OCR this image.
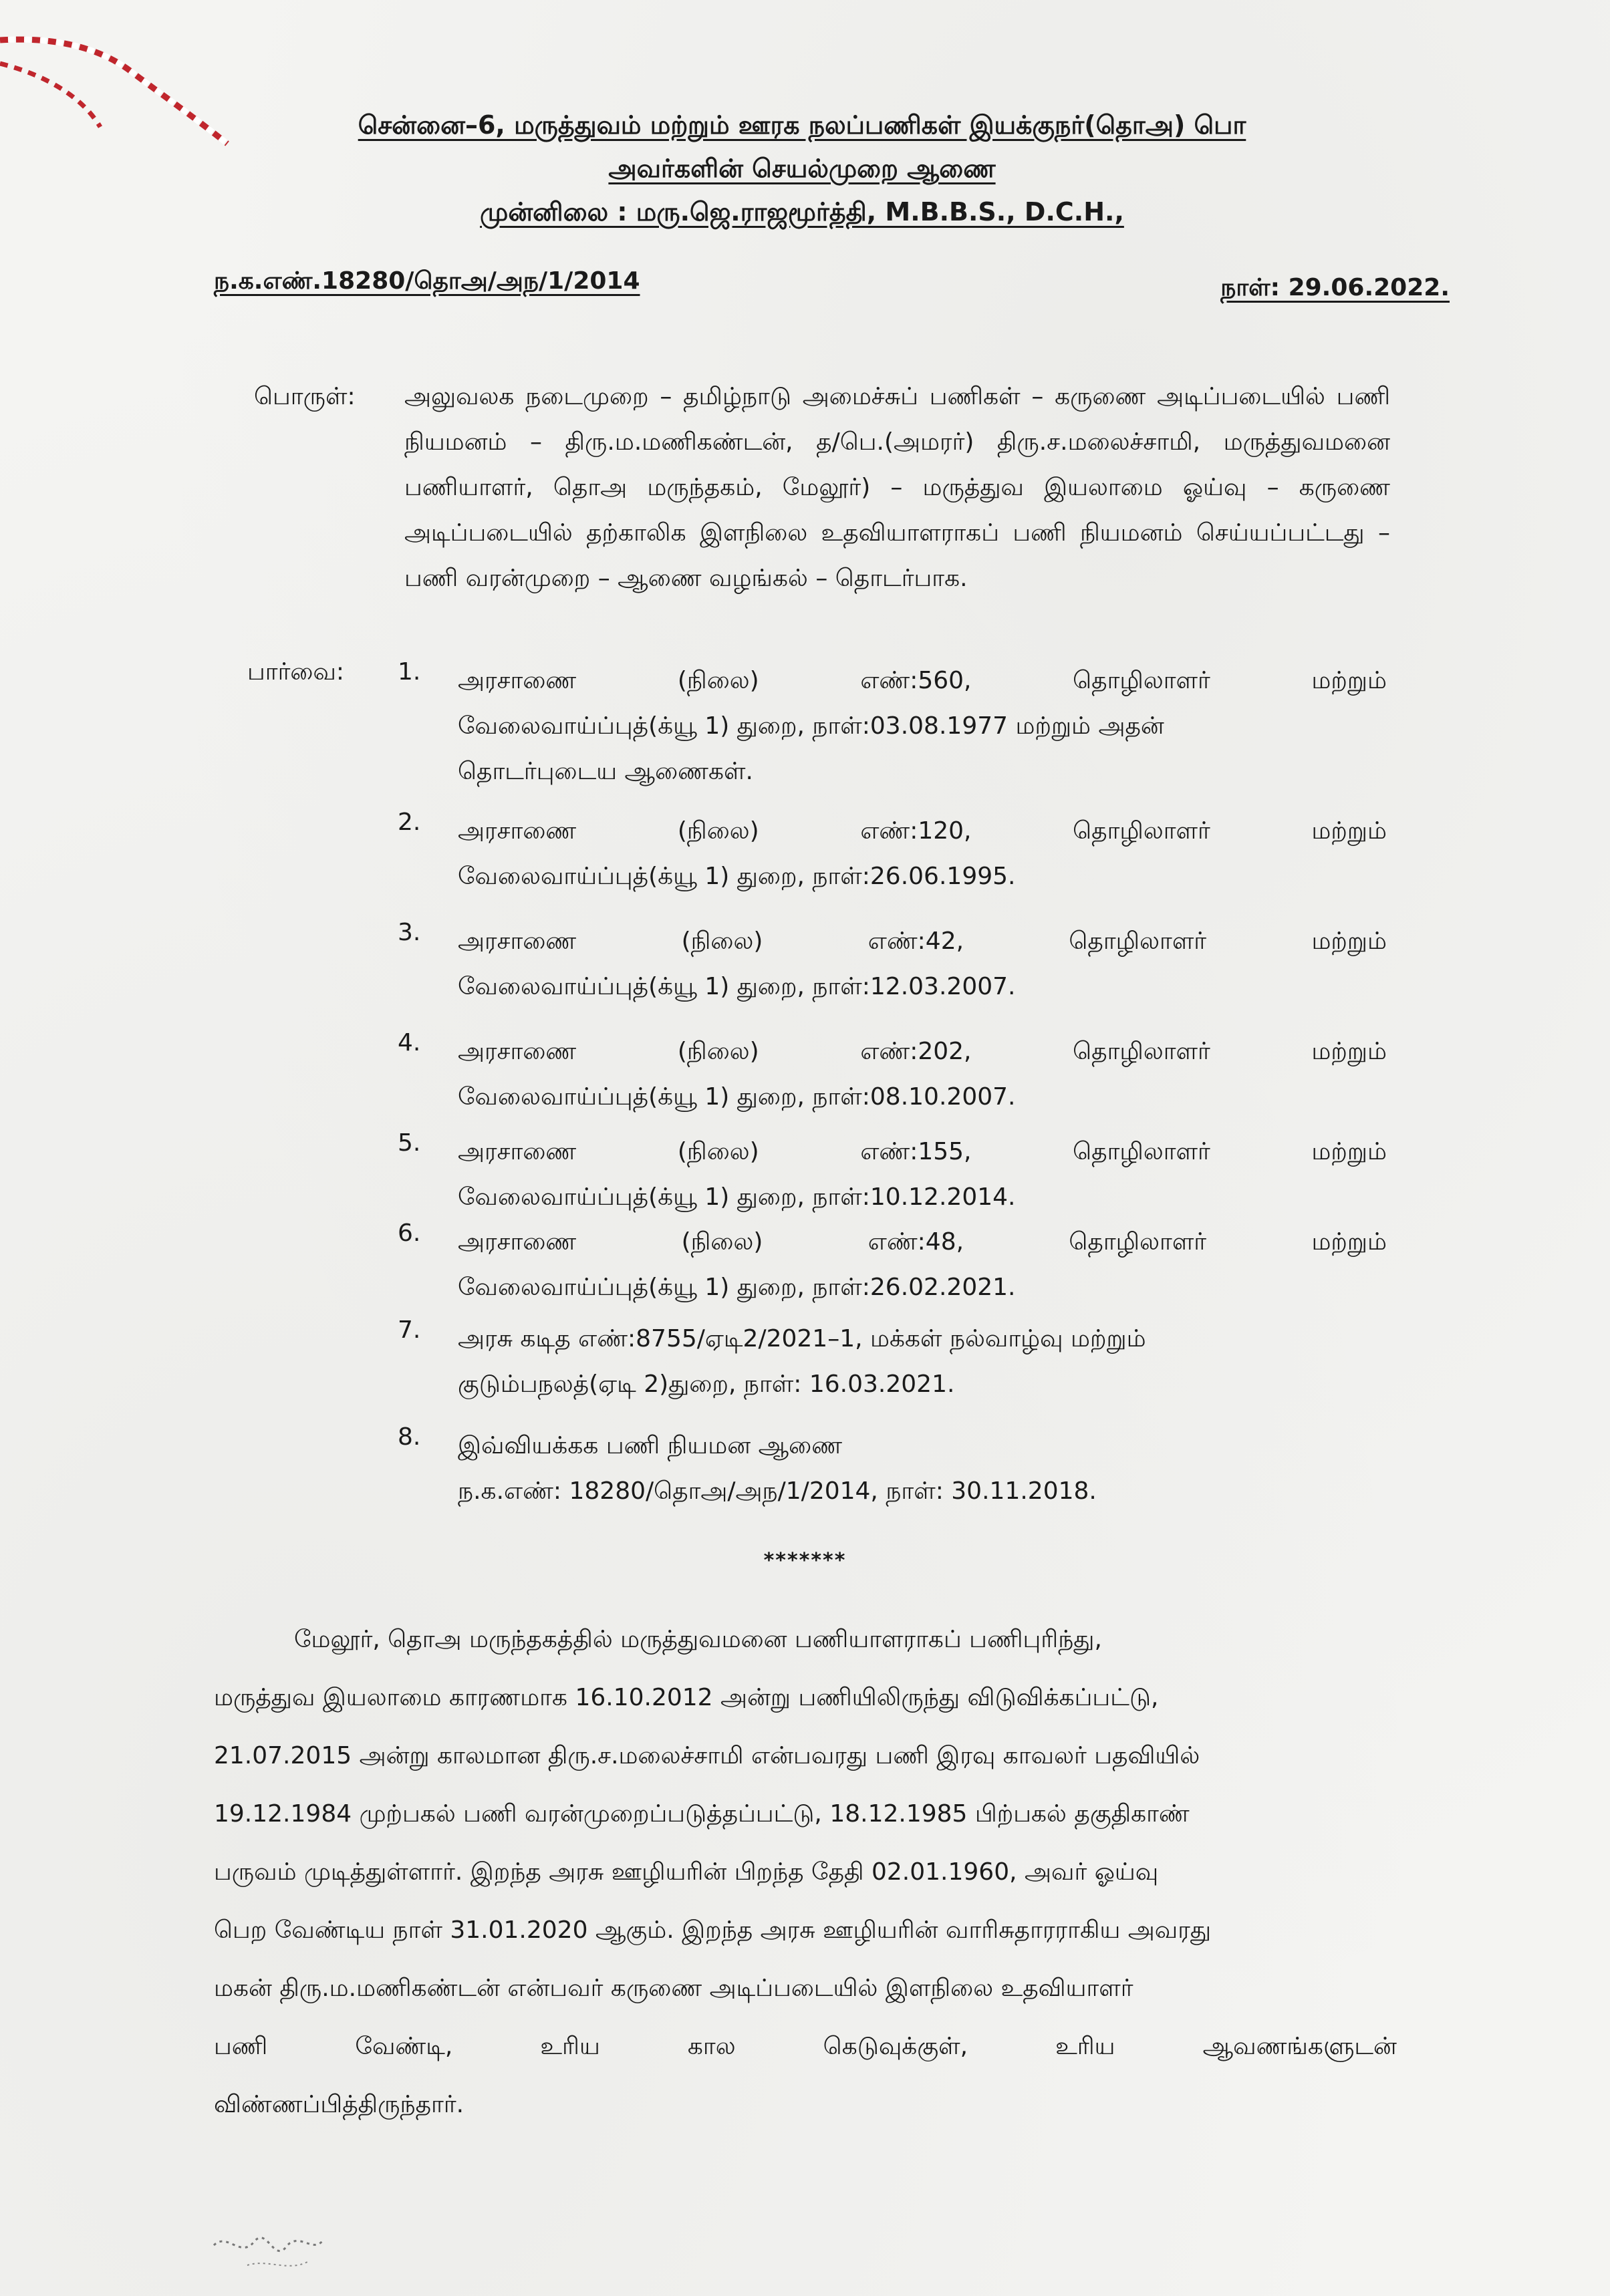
சென்னை–6, மருத்துவம் மற்றும் ஊரக நலப்பணிகள் இயக்குநர்(தொஅ) பொ
அவர்களின் செயல்முறை ஆணை
முன்னிலை : மரு.ஜெ.ராஜமூர்த்தி, M.B.B.S., D.C.H.,
ந.க.எண்.18280/தொஅ/அந/1/2014	நாள்: 29.06.2022.
பொருள்: அலுவலக நடைமுறை – தமிழ்நாடு அமைச்சுப் பணிகள் – கருணை அடிப்படையில் பணி நியமனம் – திரு.ம.மணிகண்டன், த/பெ.(அமரர்) திரு.ச.மலைச்சாமி, மருத்துவமனை பணியாளர், தொஅ மருந்தகம், மேலூர்) – மருத்துவ இயலாமை ஓய்வு – கருணை அடிப்படையில் தற்காலிக இளநிலை உதவியாளராகப் பணி நியமனம் செய்யப்பட்டது – பணி வரன்முறை – ஆணை வழங்கல் – தொடர்பாக.
பார்வை: 1.	அரசாணை	(நிலை)	எண்:560,	தொழிலாளர்	மற்றும்
வேலைவாய்ப்புத்(க்யூ 1) துறை, நாள்:03.08.1977 மற்றும் அதன்
தொடர்புடைய ஆணைகள்.
2.	அரசாணை	(நிலை)	எண்:120,	தொழிலாளர்	மற்றும்
வேலைவாய்ப்புத்(க்யூ 1) துறை, நாள்:26.06.1995.
3.	அரசாணை	(நிலை)	எண்:42,	தொழிலாளர்	மற்றும்
வேலைவாய்ப்புத்(க்யூ 1) துறை, நாள்:12.03.2007.
4.	அரசாணை	(நிலை)	எண்:202,	தொழிலாளர்	மற்றும்
வேலைவாய்ப்புத்(க்யூ 1) துறை, நாள்:08.10.2007.
5.	அரசாணை	(நிலை)	எண்:155,	தொழிலாளர்	மற்றும்
வேலைவாய்ப்புத்(க்யூ 1) துறை, நாள்:10.12.2014.
6.	அரசாணை	(நிலை)	எண்:48,	தொழிலாளர்	மற்றும்
வேலைவாய்ப்புத்(க்யூ 1) துறை, நாள்:26.02.2021.
7.	அரசு கடித எண்:8755/ஏடி2/2021–1, மக்கள் நல்வாழ்வு மற்றும்
குடும்பநலத்(ஏடி 2)துறை, நாள்: 16.03.2021.
8.	இவ்வியக்கக பணி நியமன ஆணை
ந.க.எண்: 18280/தொஅ/அந/1/2014, நாள்: 30.11.2018.
*******

மேலூர், தொஅ மருந்தகத்தில் மருத்துவமனை பணியாளராகப் பணிபுரிந்து,

மருத்துவ இயலாமை காரணமாக 16.10.2012 அன்று பணியிலிருந்து விடுவிக்கப்பட்டு,
21.07.2015 அன்று காலமான திரு.ச.மலைச்சாமி என்பவரது பணி இரவு காவலர் பதவியில்
19.12.1984 முற்பகல் பணி வரன்முறைப்படுத்தப்பட்டு, 18.12.1985 பிற்பகல் தகுதிகாண்
பருவம் முடித்துள்ளார். இறந்த அரசு ஊழியரின் பிறந்த தேதி 02.01.1960, அவர் ஓய்வு
பெற வேண்டிய நாள் 31.01.2020 ஆகும். இறந்த அரசு ஊழியரின் வாரிசுதாரராகிய அவரது
மகன் திரு.ம.மணிகண்டன் என்பவர் கருணை அடிப்படையில் இளநிலை உதவியாளர்
பணி	வேண்டி,	உரிய	கால	கெடுவுக்குள்,	உரிய	ஆவணங்களுடன்
விண்ணப்பித்திருந்தார்.
